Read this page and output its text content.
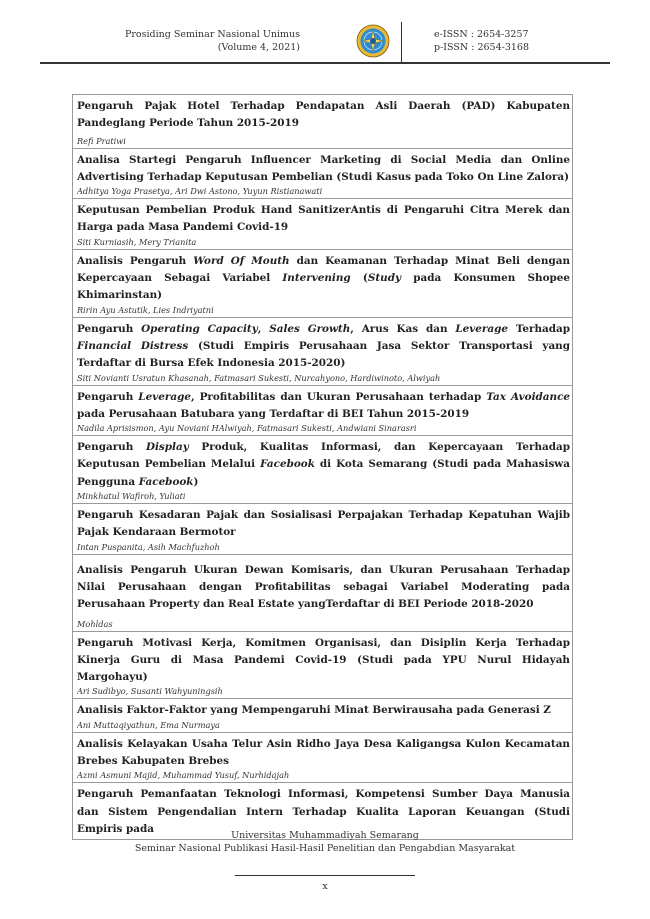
Prosiding Seminar Nasional Unimus
(Volume 4, 2021)
e-ISSN : 2654-3257
p-ISSN : 2654-3168
Pengaruh Pajak Hotel Terhadap Pendapatan Asli Daerah (PAD) Kabupaten Pandeglang Periode Tahun 2015-2019
Refi Pratiwi
Analisa Startegi Pengaruh Influencer Marketing di Social Media dan Online Advertising Terhadap Keputusan Pembelian (Studi Kasus pada Toko On Line Zalora)
Adhitya Yoga Prasetya, Ari Dwi Astono, Yuyun Ristianawati
Keputusan Pembelian Produk Hand SanitizerAntis di Pengaruhi Citra Merek dan Harga pada Masa Pandemi Covid-19
Siti Kurniasih, Mery Trianita
Analisis Pengaruh Word Of Mouth dan Keamanan Terhadap Minat Beli dengan Kepercayaan Sebagai Variabel Intervening (Study pada Konsumen Shopee Khimarinstan)
Ririn Ayu Astutik, Lies Indriyatni
Pengaruh Operating Capacity, Sales Growth, Arus Kas dan Leverage Terhadap Financial Distress (Studi Empiris Perusahaan Jasa Sektor Transportasi yang Terdaftar di Bursa Efek Indonesia 2015-2020)
Siti Novianti Usratun Khasanah, Fatmasari Sukesti, Nurcahyono, Hardiwinoto, Alwiyah
Pengaruh Leverage, Profitabilitas dan Ukuran Perusahaan terhadap Tax Avoidance pada Perusahaan Batubara yang Terdaftar di BEI Tahun 2015-2019
Nadila Aprisismon, Ayu Noviani HAlwiyah, Fatmasari Sukesti, Andwiani Sinarasri
Pengaruh Display Produk, Kualitas Informasi, dan Kepercayaan Terhadap Keputusan Pembelian Melalui Facebook di Kota Semarang (Studi pada Mahasiswa Pengguna Facebook)
Minkhatul Wafiroh, Yuliati
Pengaruh Kesadaran Pajak dan Sosialisasi Perpajakan Terhadap Kepatuhan Wajib Pajak Kendaraan Bermotor
Intan Puspanita, Asih Machfuzhoh
Analisis Pengaruh Ukuran Dewan Komisaris, dan Ukuran Perusahaan Terhadap Nilai Perusahaan dengan Profitabilitas sebagai Variabel Moderating pada Perusahaan Property dan Real Estate yangTerdaftar di BEI Periode 2018-2020
Mohldas
Pengaruh Motivasi Kerja, Komitmen Organisasi, dan Disiplin Kerja Terhadap Kinerja Guru di Masa Pandemi Covid-19 (Studi pada YPU Nurul Hidayah Margohayu)
Ari Sudibyo, Susanti Wahyuningsih
Analisis Faktor-Faktor yang Mempengaruhi Minat Berwirausaha pada Generasi Z
Ani Muttaqiyathun, Ema Nurmaya
Analisis Kelayakan Usaha Telur Asin Ridho Jaya Desa Kaligangsa Kulon Kecamatan Brebes Kabupaten Brebes
Azmi Asmuni Majid, Muhammad Yusuf, Nurhidajah
Pengaruh Pemanfaatan Teknologi Informasi, Kompetensi Sumber Daya Manusia dan Sistem Pengendalian Intern Terhadap Kualita Laporan Keuangan (Studi Empiris pada
Universitas Muhammadiyah Semarang
Seminar Nasional Publikasi Hasil-Hasil Penelitian dan Pengabdian Masyarakat
x
